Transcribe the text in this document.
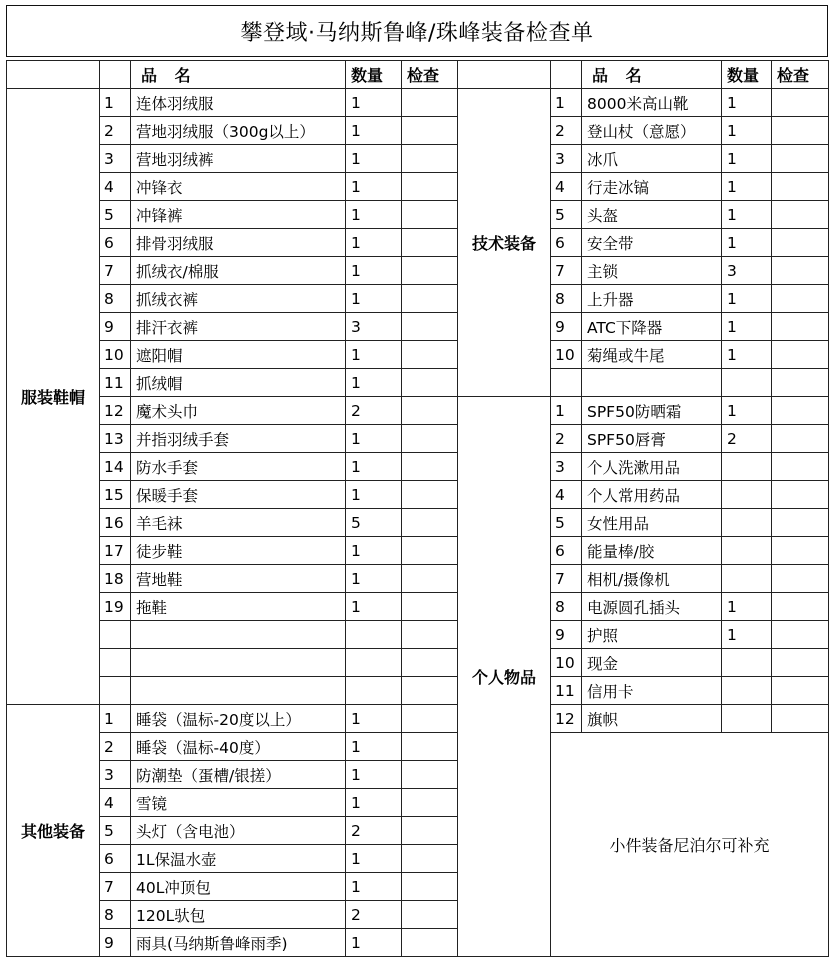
攀登域·马纳斯鲁峰/珠峰装备检查单
		品 名	数量	检查			品 名	数量	检查
服装鞋帽	1	连体羽绒服	1		技术装备	1	8000米高山靴	1	
	2	营地羽绒服（300g以上）	1			2	登山杖（意愿）	1	
	3	营地羽绒裤	1			3	冰爪	1	
	4	冲锋衣	1			4	行走冰镐	1	
	5	冲锋裤	1			5	头盔	1	
	6	排骨羽绒服	1			6	安全带	1	
	7	抓绒衣/棉服	1			7	主锁	3	
	8	抓绒衣裤	1			8	上升器	1	
	9	排汗衣裤	3			9	ATC下降器	1	
	10	遮阳帽	1			10	菊绳或牛尾	1	
	11	抓绒帽	1						
	12	魔术头巾	2		个人物品	1	SPF50防晒霜	1	
	13	并指羽绒手套	1			2	SPF50唇膏	2	
	14	防水手套	1			3	个人洗漱用品		
	15	保暖手套	1			4	个人常用药品		
	16	羊毛袜	5			5	女性用品		
	17	徒步鞋	1			6	能量棒/胶		
	18	营地鞋	1			7	相机/摄像机		
	19	拖鞋	1			8	电源圆孔插头	1	
						9	护照	1	
						10	现金		
						11	信用卡		
其他装备	1	睡袋（温标-20度以上）	1			12	旗帜		
	2	睡袋（温标-40度）	1			小件装备尼泊尔可补充			
	3	防潮垫（蛋槽/银搓）	1						
	4	雪镜	1						
	5	头灯（含电池）	2						
	6	1L保温水壶	1						
	7	40L冲顶包	1						
	8	120L驮包	2						
	9	雨具(马纳斯鲁峰雨季)	1						
